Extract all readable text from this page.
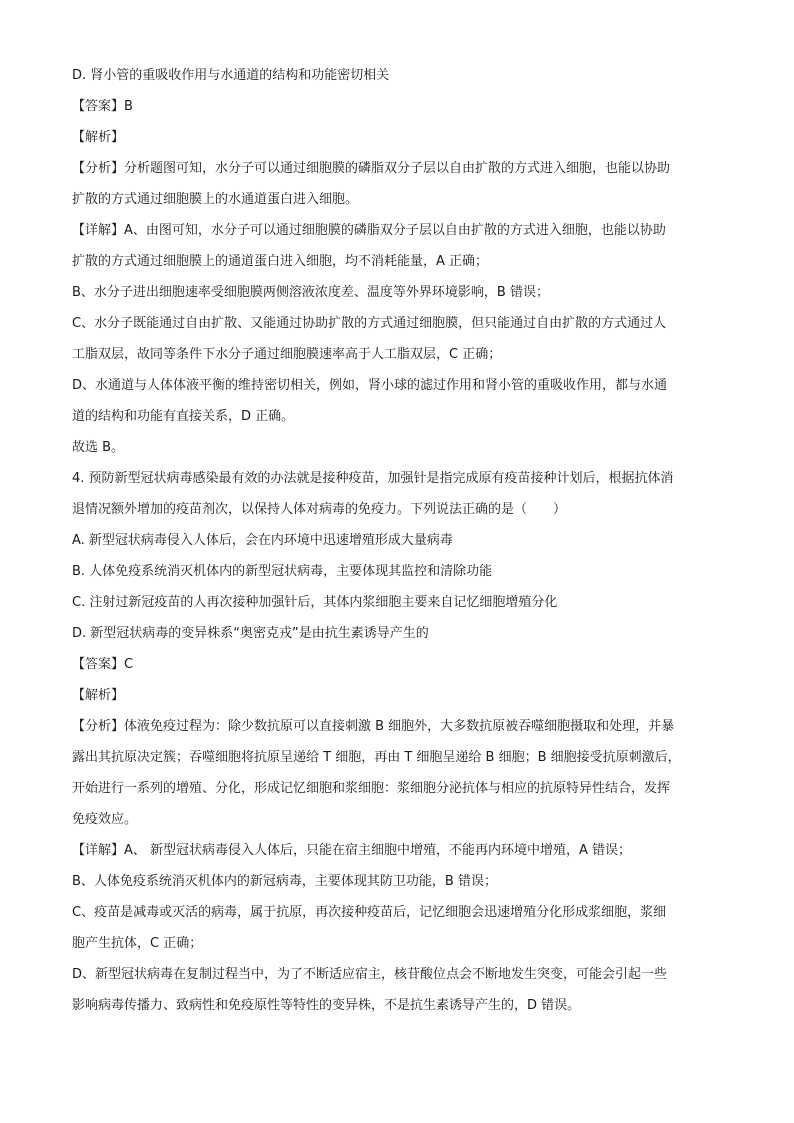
D. 肾小管的重吸收作用与水通道的结构和功能密切相关
【答案】B
【解析】
【分析】分析题图可知，水分子可以通过细胞膜的磷脂双分子层以自由扩散的方式进入细胞，也能以协助
扩散的方式通过细胞膜上的水通道蛋白进入细胞。
【详解】A、由图可知，水分子可以通过细胞膜的磷脂双分子层以自由扩散的方式进入细胞，也能以协助
扩散的方式通过细胞膜上的通道蛋白进入细胞，均不消耗能量，A 正确；
B、水分子进出细胞速率受细胞膜两侧溶液浓度差、温度等外界环境影响，B 错误；
C、水分子既能通过自由扩散、又能通过协助扩散的方式通过细胞膜，但只能通过自由扩散的方式通过人
工脂双层，故同等条件下水分子通过细胞膜速率高于人工脂双层，C 正确；
D、水通道与人体体液平衡的维持密切相关，例如，肾小球的滤过作用和肾小管的重吸收作用，都与水通
道的结构和功能有直接关系，D 正确。
故选 B。
4. 预防新型冠状病毒感染最有效的办法就是接种疫苗，加强针是指完成原有疫苗接种计划后，根据抗体消
退情况额外增加的疫苗剂次，以保持人体对病毒的免疫力。下列说法正确的是（　　）
A. 新型冠状病毒侵入人体后，会在内环境中迅速增殖形成大量病毒
B. 人体免疫系统消灭机体内的新型冠状病毒，主要体现其监控和清除功能
C. 注射过新冠疫苗的人再次接种加强针后，其体内浆细胞主要来自记忆细胞增殖分化
D. 新型冠状病毒的变异株系“奥密克戎”是由抗生素诱导产生的
【答案】C
【解析】
【分析】体液免疫过程为：除少数抗原可以直接刺激 B 细胞外，大多数抗原被吞噬细胞摄取和处理，并暴
露出其抗原决定簇；吞噬细胞将抗原呈递给 T 细胞，再由 T 细胞呈递给 B 细胞；B 细胞接受抗原刺激后，
开始进行一系列的增殖、分化，形成记忆细胞和浆细胞：浆细胞分泌抗体与相应的抗原特异性结合，发挥
免疫效应。
【详解】A、 新型冠状病毒侵入人体后，只能在宿主细胞中增殖，不能再内环境中增殖，A 错误；
B、人体免疫系统消灭机体内的新冠病毒，主要体现其防卫功能，B 错误；
C、疫苗是减毒或灭活的病毒，属于抗原，再次接种疫苗后，记忆细胞会迅速增殖分化形成浆细胞，浆细
胞产生抗体，C 正确；
D、新型冠状病毒在复制过程当中，为了不断适应宿主，核苷酸位点会不断地发生突变，可能会引起一些
影响病毒传播力、致病性和免疫原性等特性的变异株，不是抗生素诱导产生的，D 错误。
